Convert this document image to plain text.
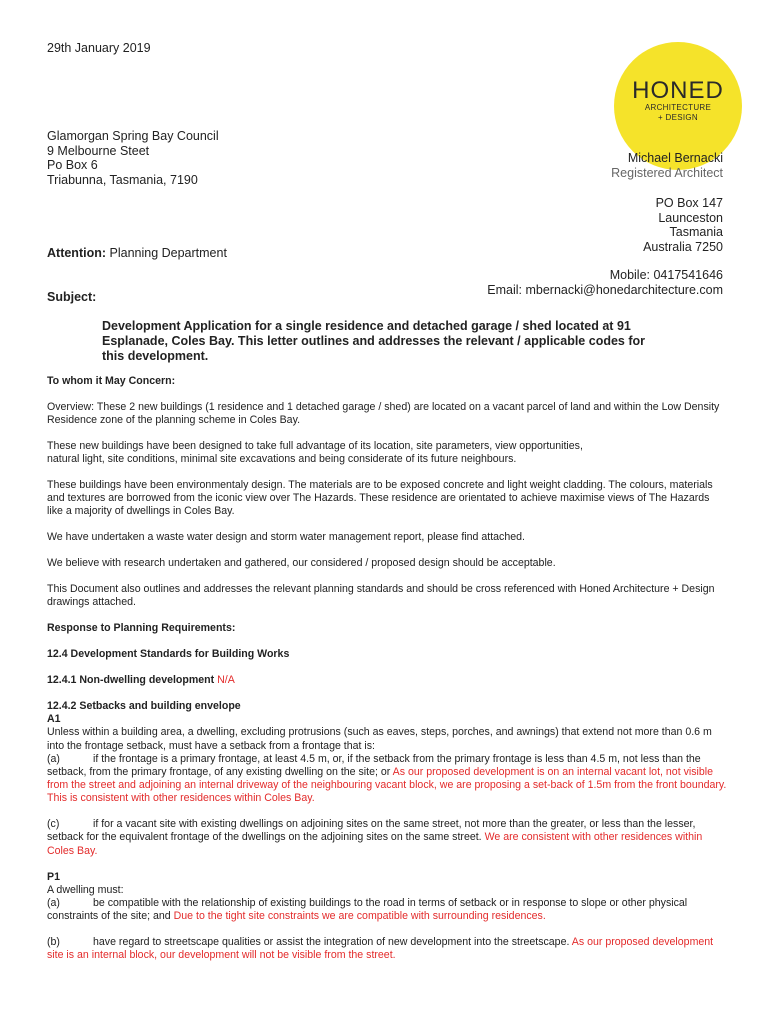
29th January 2019
HONED
ARCHITECTURE
+ DESIGN
Glamorgan Spring Bay Council
9 Melbourne Steet
Po Box 6
Triabunna, Tasmania, 7190
Michael Bernacki
Registered Architect
PO Box 147
Launceston
Tasmania
Australia 7250
Mobile: 0417541646
Email: mbernacki@honedarchitecture.com
Attention: Planning Department
Subject:
Development Application for a single residence and detached garage / shed located at 91 Esplanade, Coles Bay. This letter outlines and addresses the relevant / applicable codes for this development.

To whom it May Concern:

Overview: These 2 new buildings (1 residence and 1 detached garage / shed) are located on a vacant parcel of land and within the Low Density Residence zone of the planning scheme in Coles Bay.

These new buildings have been designed to take full advantage of its location, site parameters, view opportunities,
natural light, site conditions, minimal site excavations and being considerate of its future neighbours.

These buildings have been environmentaly design. The materials are to be exposed concrete and light weight cladding. The colours, materials and textures are borrowed from the iconic view over The Hazards. These residence are orientated to achieve maximise views of The Hazards like a majority of dwellings in Coles Bay.

We have undertaken a waste water design and storm water management report, please find attached.

We believe with research undertaken and gathered, our considered / proposed design should be acceptable.

This Document also outlines and addresses the relevant planning standards and should be cross referenced with Honed Architecture + Design drawings attached.

Response to Planning Requirements:

12.4 Development Standards for Building Works

12.4.1 Non-dwelling development N/A

12.4.2 Setbacks and building envelope
A1
Unless within a building area, a dwelling, excluding protrusions (such as eaves, steps, porches, and awnings) that extend not more than 0.6 m into the frontage setback, must have a setback from a frontage that is:
(a)	if the frontage is a primary frontage, at least 4.5 m, or, if the setback from the primary frontage is less than 4.5 m, not less than the setback, from the primary frontage, of any existing dwelling on the site; or As our proposed development is on an internal vacant lot, not visible from the street and adjoining an internal driveway of the neighbouring vacant block, we are proposing a set-back of 1.5m from the front boundary. This is consistent with other residences within Coles Bay.

(c)	if for a vacant site with existing dwellings on adjoining sites on the same street, not more than the greater, or less than the lesser, setback for the equivalent frontage of the dwellings on the adjoining sites on the same street. We are consistent with other residences within Coles Bay.

P1
A dwelling must:
(a)	be compatible with the relationship of existing buildings to the road in terms of setback or in response to slope or other physical constraints of the site; and Due to the tight site constraints we are compatible with surrounding residences.

(b)	have regard to streetscape qualities or assist the integration of new development into the streetscape. As our proposed development site is an internal block, our development will not be visible from the street.
